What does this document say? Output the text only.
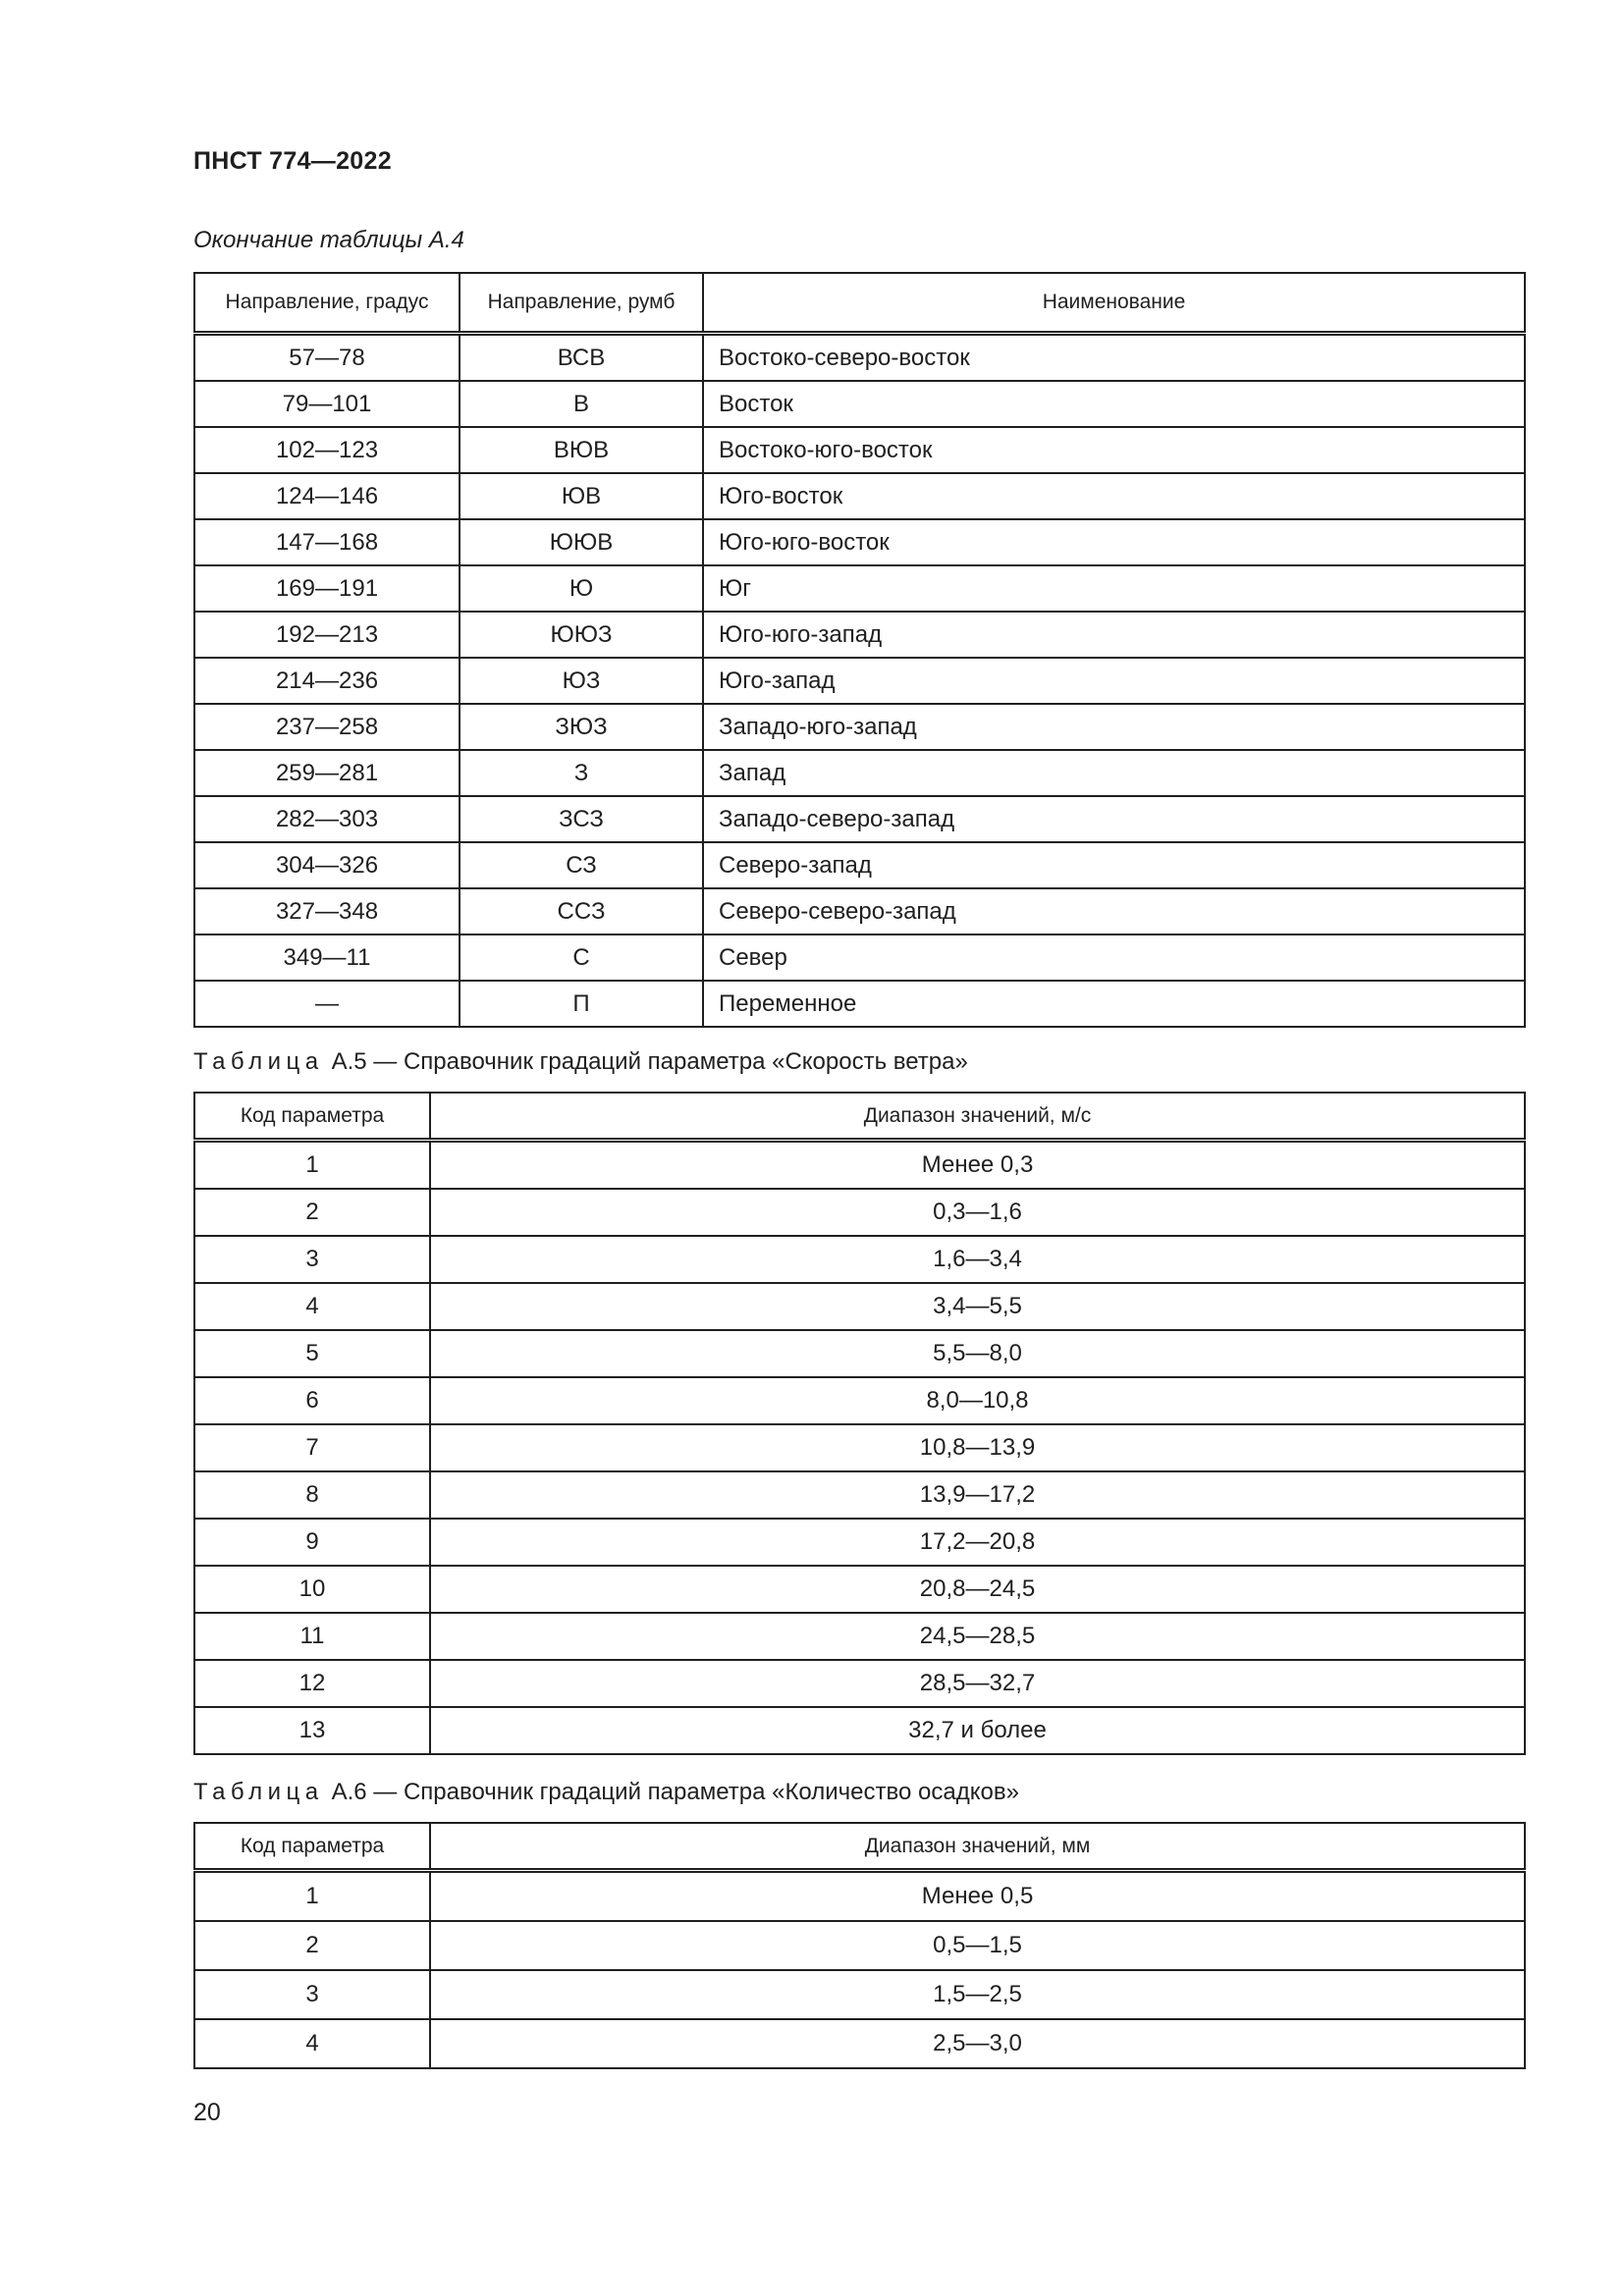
ПНСТ 774—2022
Окончание таблицы А.4
Направление, градус	Направление, румб	Наименование
57—78	ВСВ	Востоко-северо-восток
79—101	В	Восток
102—123	ВЮВ	Востоко-юго-восток
124—146	ЮВ	Юго-восток
147—168	ЮЮВ	Юго-юго-восток
169—191	Ю	Юг
192—213	ЮЮЗ	Юго-юго-запад
214—236	ЮЗ	Юго-запад
237—258	ЗЮЗ	Западо-юго-запад
259—281	З	Запад
282—303	ЗСЗ	Западо-северо-запад
304—326	СЗ	Северо-запад
327—348	ССЗ	Северо-северо-запад
349—11	С	Север
—	П	Переменное
Таблица А.5 — Справочник градаций параметра «Скорость ветра»
Код параметра	Диапазон значений, м/с
1	Менее 0,3
2	0,3—1,6
3	1,6—3,4
4	3,4—5,5
5	5,5—8,0
6	8,0—10,8
7	10,8—13,9
8	13,9—17,2
9	17,2—20,8
10	20,8—24,5
11	24,5—28,5
12	28,5—32,7
13	32,7 и более
Таблица А.6 — Справочник градаций параметра «Количество осадков»
Код параметра	Диапазон значений, мм
1	Менее 0,5
2	0,5—1,5
3	1,5—2,5
4	2,5—3,0
20
